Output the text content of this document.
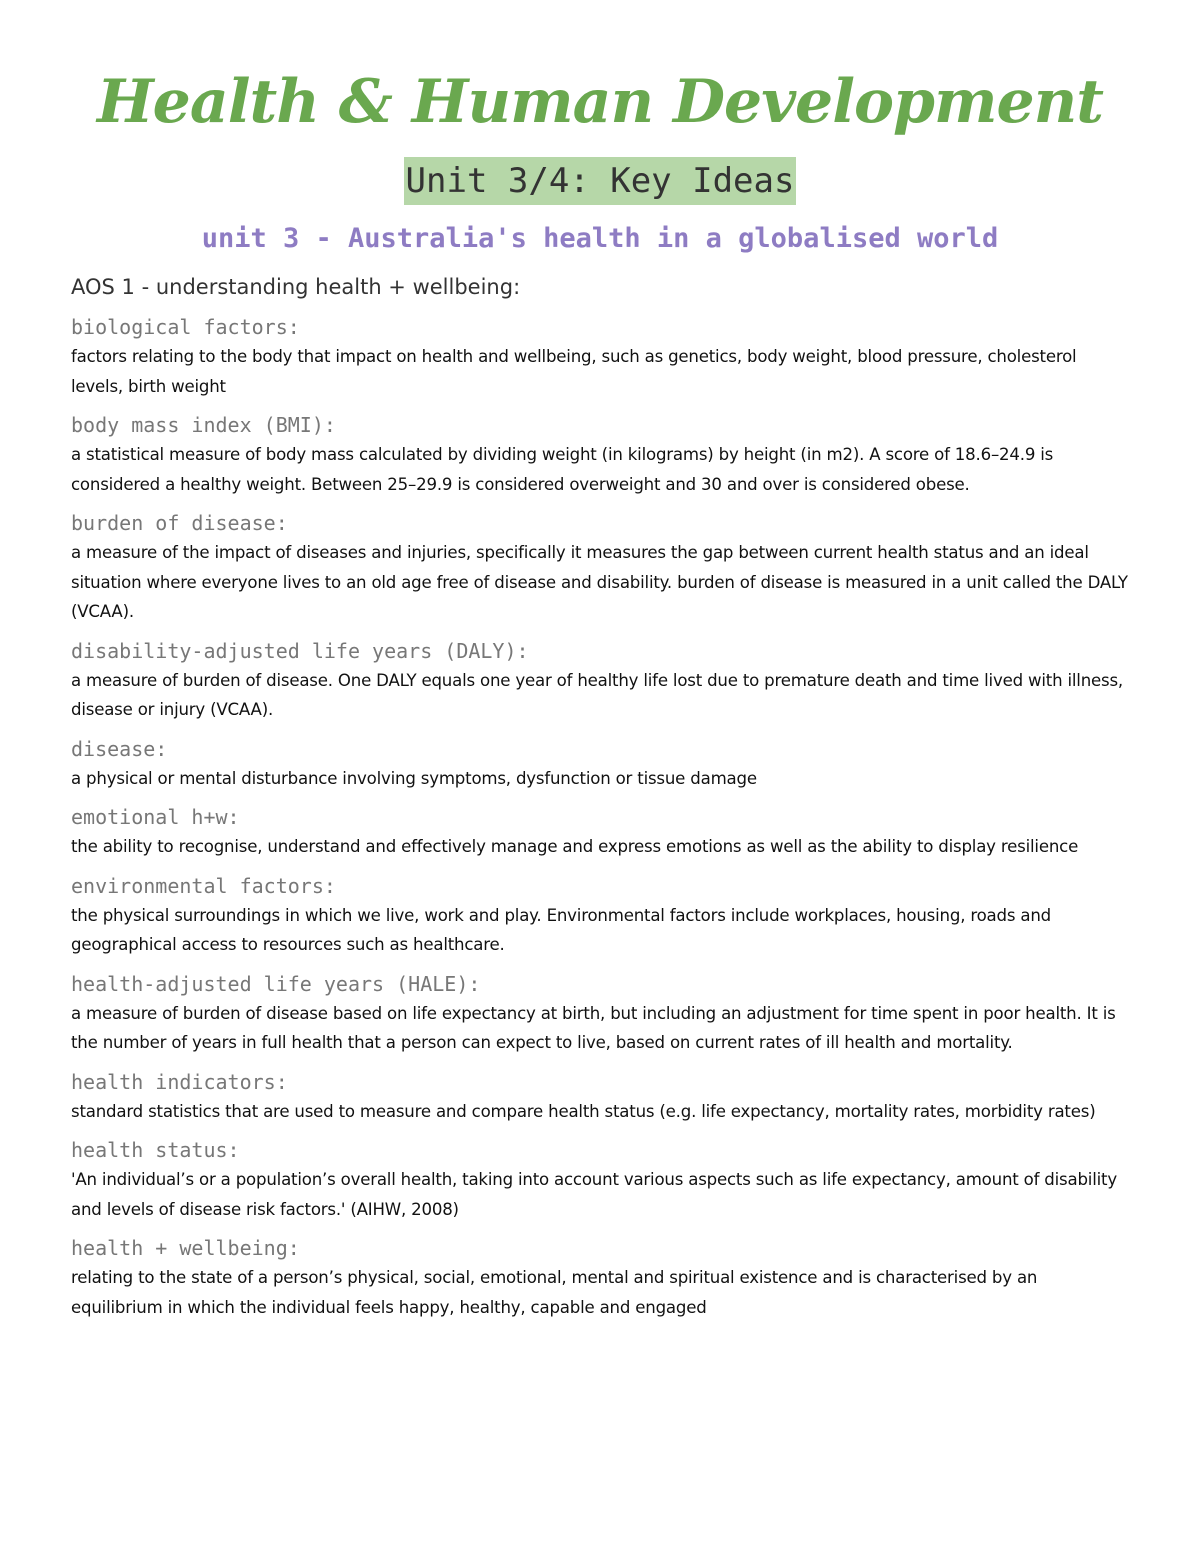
Health & Human Development
Unit 3/4: Key Ideas
unit 3 - Australia's health in a globalised world
AOS 1 - understanding health + wellbeing:
biological factors:
factors relating to the body that impact on health and wellbeing, such as genetics, body weight, blood pressure, cholesterol levels, birth weight
body mass index (BMI):
a statistical measure of body mass calculated by dividing weight (in kilograms) by height (in m2). A score of 18.6–24.9 is considered a healthy weight. Between 25–29.9 is considered overweight and 30 and over is considered obese.
burden of disease:
a measure of the impact of diseases and injuries, specifically it measures the gap between current health status and an ideal situation where everyone lives to an old age free of disease and disability. burden of disease is measured in a unit called the DALY (VCAA).
disability-adjusted life years (DALY):
a measure of burden of disease. One DALY equals one year of healthy life lost due to premature death and time lived with illness, disease or injury (VCAA).
disease:
a physical or mental disturbance involving symptoms, dysfunction or tissue damage
emotional h+w:
the ability to recognise, understand and effectively manage and express emotions as well as the ability to display resilience
environmental factors:
the physical surroundings in which we live, work and play. Environmental factors include workplaces, housing, roads and geographical access to resources such as healthcare.
health-adjusted life years (HALE):
a measure of burden of disease based on life expectancy at birth, but including an adjustment for time spent in poor health. It is the number of years in full health that a person can expect to live, based on current rates of ill health and mortality.
health indicators:
standard statistics that are used to measure and compare health status (e.g. life expectancy, mortality rates, morbidity rates)
health status:
'An individual’s or a population’s overall health, taking into account various aspects such as life expectancy, amount of disability and levels of disease risk factors.' (AIHW, 2008)
health + wellbeing:
relating to the state of a person’s physical, social, emotional, mental and spiritual existence and is characterised by an equilibrium in which the individual feels happy, healthy, capable and engaged
